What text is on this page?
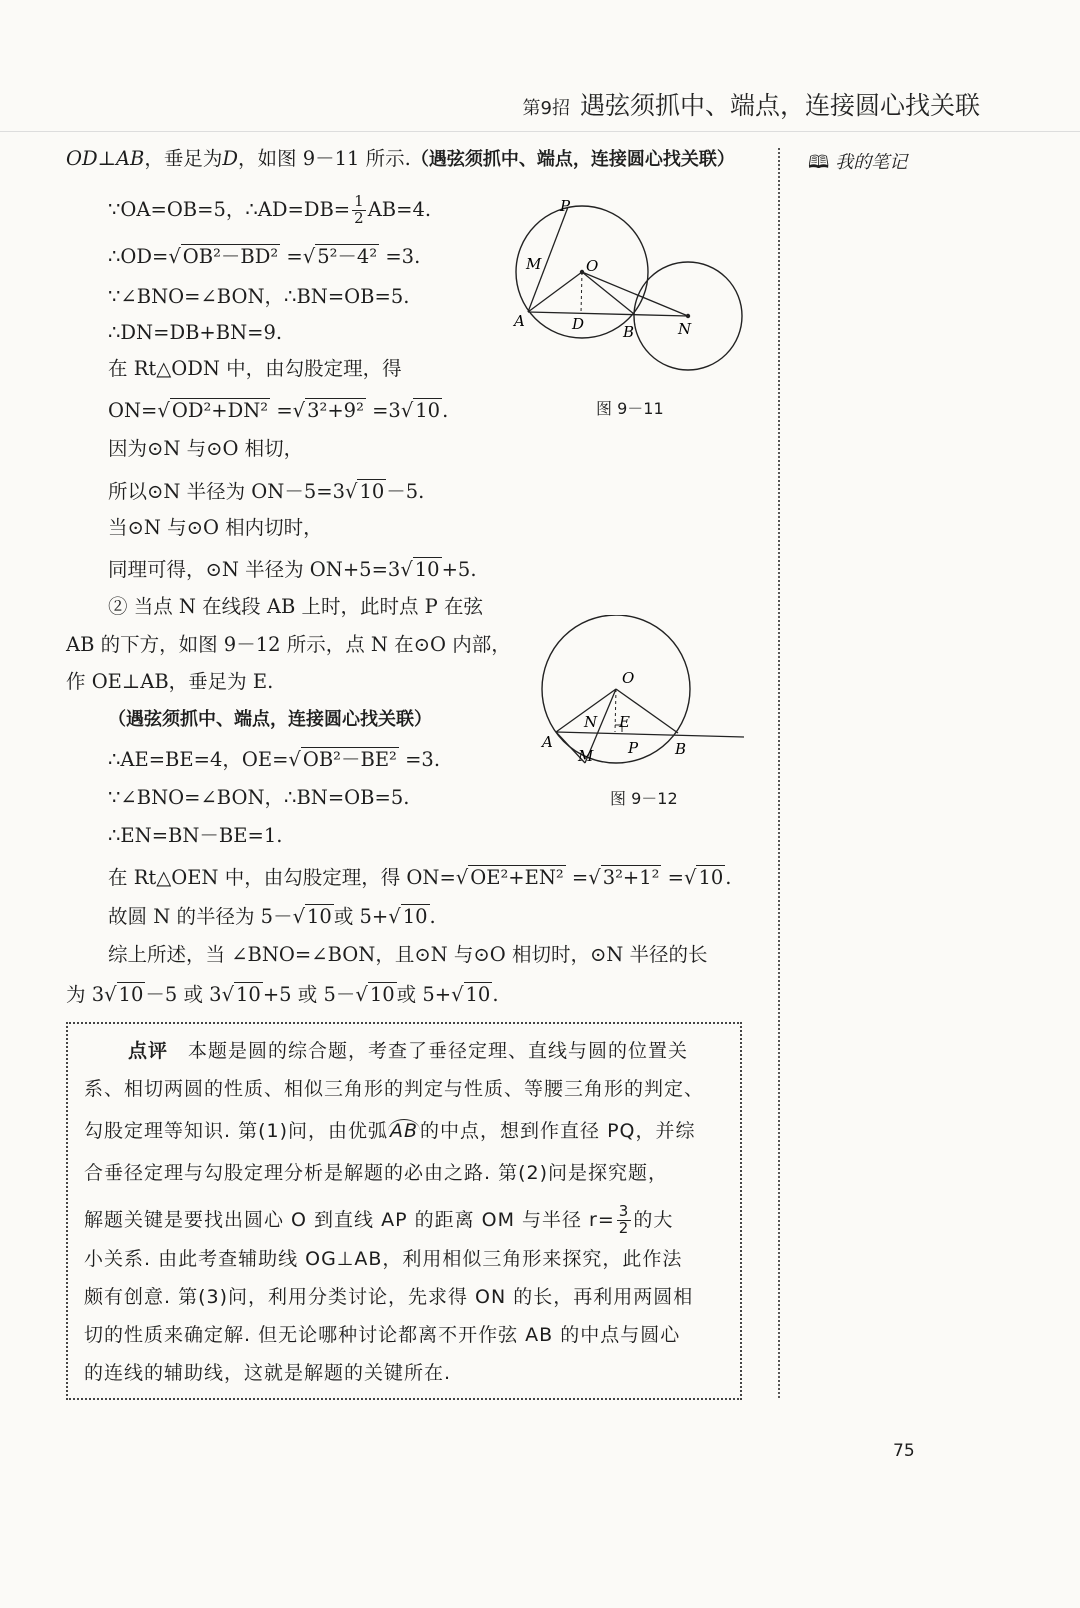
第9招 遇弦须抓中、端点，连接圆心找关联
🕮 我的笔记
OD⊥AB，垂足为D，如图 9－11 所示.（遇弦须抓中、端点，连接圆心找关联）
∵OA=OB=5，∴AD=DB= $\frac{1}{2} AB=4$.
∴OD=√ OB²－BD² =√ 5²－4² =3.
∵∠BNO=∠BON，∴BN=OB=5.
∴DN=DB+BN=9.
在 Rt△ODN 中，由勾股定理，得
ON=√ OD²+DN² =√ 3²+9² =3√ 10 .
因为⊙N 与⊙O 相切，
所以⊙N 半径为 ON－5=3√ 10 －5.
当⊙N 与⊙O 相内切时，
同理可得，⊙N 半径为 ON+5=3√ 10 +5.
② 当点 N 在线段 AB 上时，此时点 P 在弦
AB 的下方，如图 9－12 所示，点 N 在⊙O 内部，
作 OE⊥AB，垂足为 E.
（遇弦须抓中、端点，连接圆心找关联）
∴AE=BE=4，OE=√ OB²－BE² =3.
∵∠BNO=∠BON，∴BN=OB=5.
∴EN=BN－BE=1.
在 Rt△OEN 中，由勾股定理，得 ON=√ OE²+EN² =√ 3²+1² =√ 10 .
故圆 N 的半径为 5－√ 10 或 5+√ 10 .
综上所述，当 ∠BNO=∠BON，且⊙N 与⊙O 相切时，⊙N 半径的长
为 3√ 10 －5 或 3√ 10 +5 或 5－√ 10 或 5+√ 10 .
P
M	O
A	D	B	N
图 9－11
O
N E
A
M P B
图 9－12
点评 本题是圆的综合题，考查了垂径定理、直线与圆的位置关
系、相切两圆的性质、相似三角形的判定与性质、等腰三角形的判定、
勾股定理等知识. 第(1)问，由优弧 AB 的中点，想到作直径 PQ，并综
合垂径定理与勾股定理分析是解题的必由之路. 第(2)问是探究题，
解题关键是要找出圆心 O 到直线 AP 的距离 OM 与半径 $r= \frac{3}{2}$ 的大
小关系. 由此考查辅助线 OG⊥AB，利用相似三角形来探究，此作法
颇有创意. 第(3)问，利用分类讨论，先求得 ON 的长，再利用两圆相
切的性质来确定解. 但无论哪种讨论都离不开作弦 AB 的中点与圆心
的连线的辅助线，这就是解题的关键所在.
75
